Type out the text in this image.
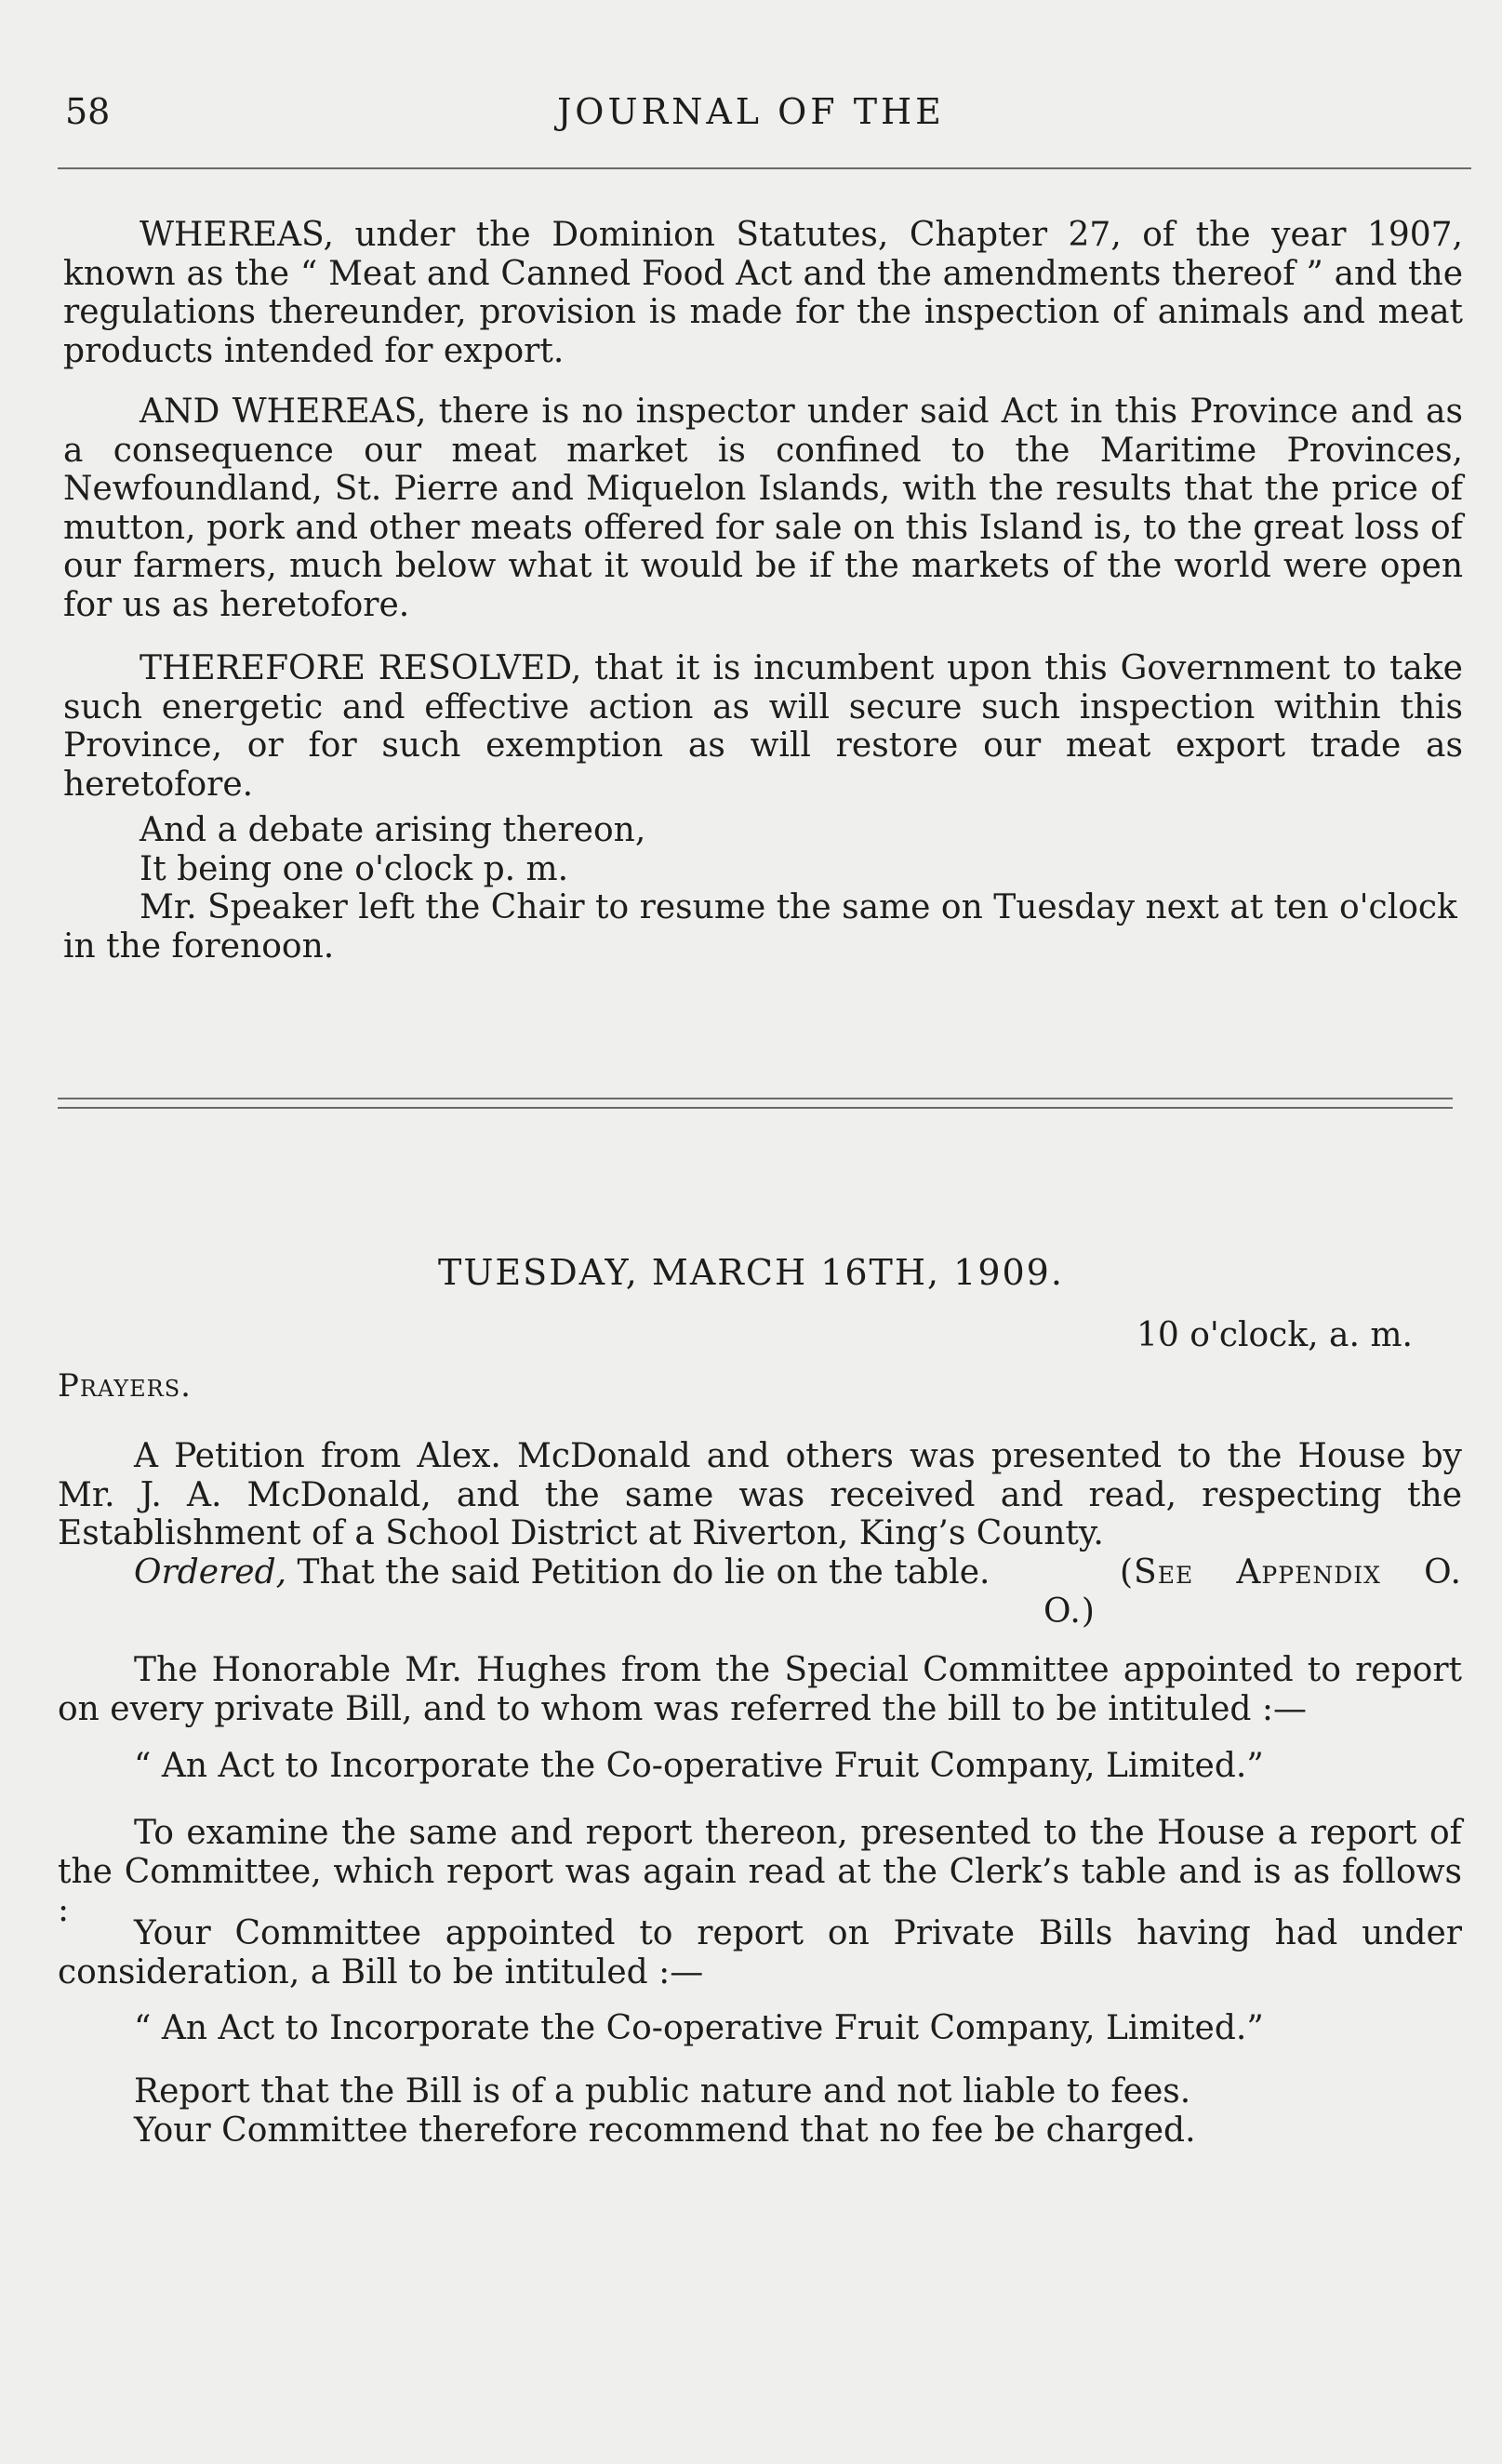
58	JOURNAL OF THE
WHEREAS, under the Dominion Statutes, Chapter 27, of the year 1907, known as the “ Meat and Canned Food Act and the amendments thereof ” and the regulations thereunder, provision is made for the inspection of animals and meat products intended for export.
AND WHEREAS, there is no inspector under said Act in this Province and as a consequence our meat market is confined to the Maritime Provinces, Newfoundland, St. Pierre and Miquelon Islands, with the results that the price of mutton, pork and other meats offered for sale on this Island is, to the great loss of our farmers, much below what it would be if the markets of the world were open for us as heretofore.
THEREFORE RESOLVED, that it is incumbent upon this Government to take such energetic and effective action as will secure such inspection within this Province, or for such exemption as will restore our meat export trade as heretofore.

And a debate arising thereon,

It being one o'clock p. m.

Mr. Speaker left the Chair to resume the same on Tuesday next at ten o'clock

in the forenoon.

TUESDAY, MARCH 16TH, 1909.
10 o'clock, a. m.
Prayers.
A Petition from Alex. McDonald and others was presented to the House by Mr. J. A. McDonald, and the same was received and read, respecting the Establishment of a School District at Riverton, King’s County.
Ordered, That the said Petition do lie on the table.	(See Appendix O. O.)
The Honorable Mr. Hughes from the Special Committee appointed to report on every private Bill, and to whom was referred the bill to be intituled :—
“ An Act to Incorporate the Co-operative Fruit Company, Limited.”
To examine the same and report thereon, presented to the House a report of the Committee, which report was again read at the Clerk’s table and is as follows :
Your Committee appointed to report on Private Bills having had under consideration, a Bill to be intituled :—
“ An Act to Incorporate the Co-operative Fruit Company, Limited.”

Report that the Bill is of a public nature and not liable to fees.

Your Committee therefore recommend that no fee be charged.
